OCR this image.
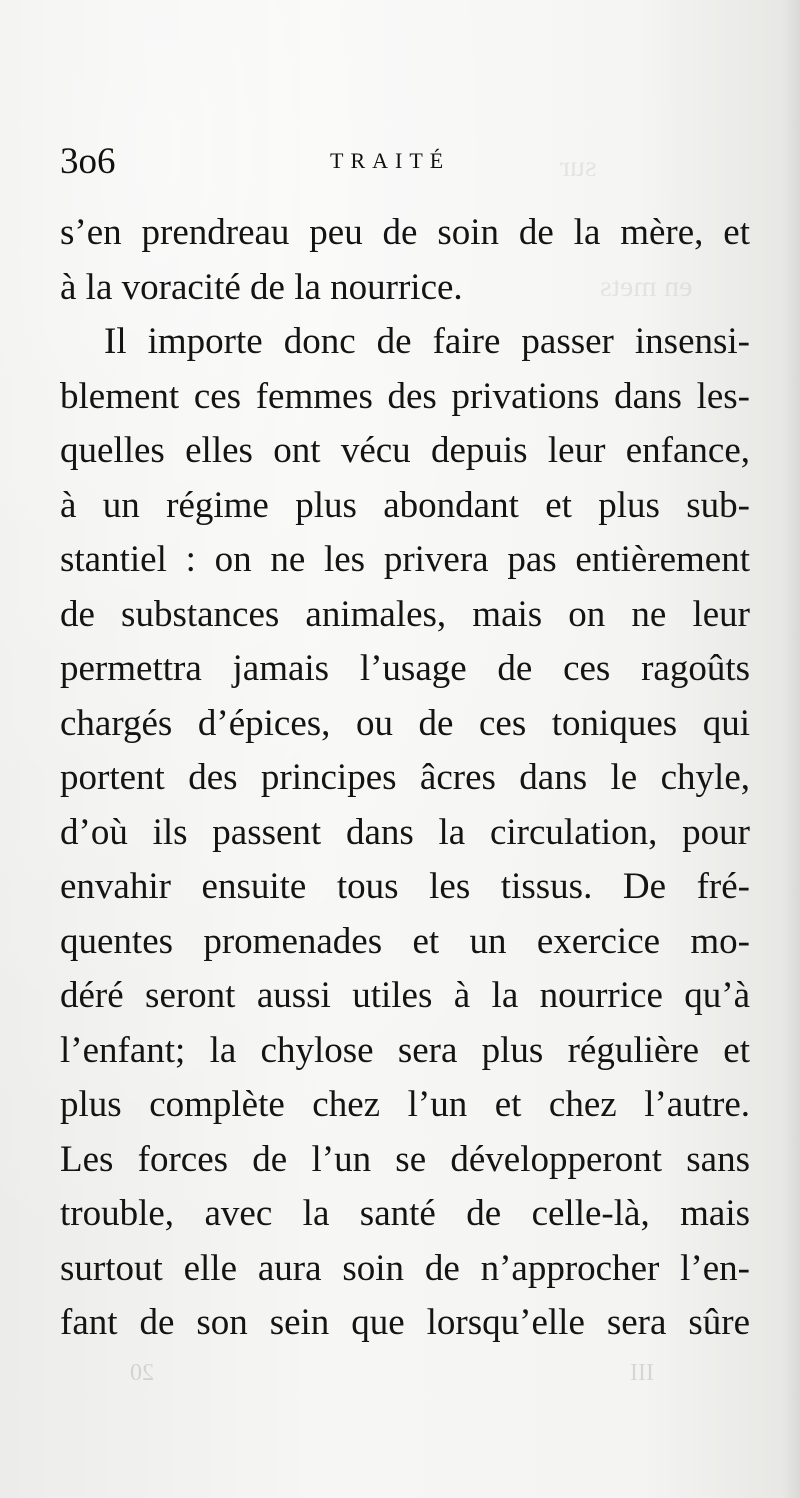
en mets
sur
3o6	TRAITÉ
s’en prendreau peu de soin de la mère, et
à la voracité de la nourrice.
Il importe donc de faire passer insensi-
blement ces femmes des privations dans les-
quelles elles ont vécu depuis leur enfance,
à un régime plus abondant et plus sub-
stantiel : on ne les privera pas entièrement
de substances animales, mais on ne leur
permettra jamais l’usage de ces ragoûts
chargés d’épices, ou de ces toniques qui
portent des principes âcres dans le chyle,
d’où ils passent dans la circulation, pour
envahir ensuite tous les tissus. De fré-
quentes promenades et un exercice mo-
déré seront aussi utiles à la nourrice qu’à
l’enfant; la chylose sera plus régulière et
plus complète chez l’un et chez l’autre.
Les forces de l’un se développeront sans
trouble, avec la santé de celle-là, mais
surtout elle aura soin de n’approcher l’en-
fant de son sein que lorsqu’elle sera sûre
20	III
